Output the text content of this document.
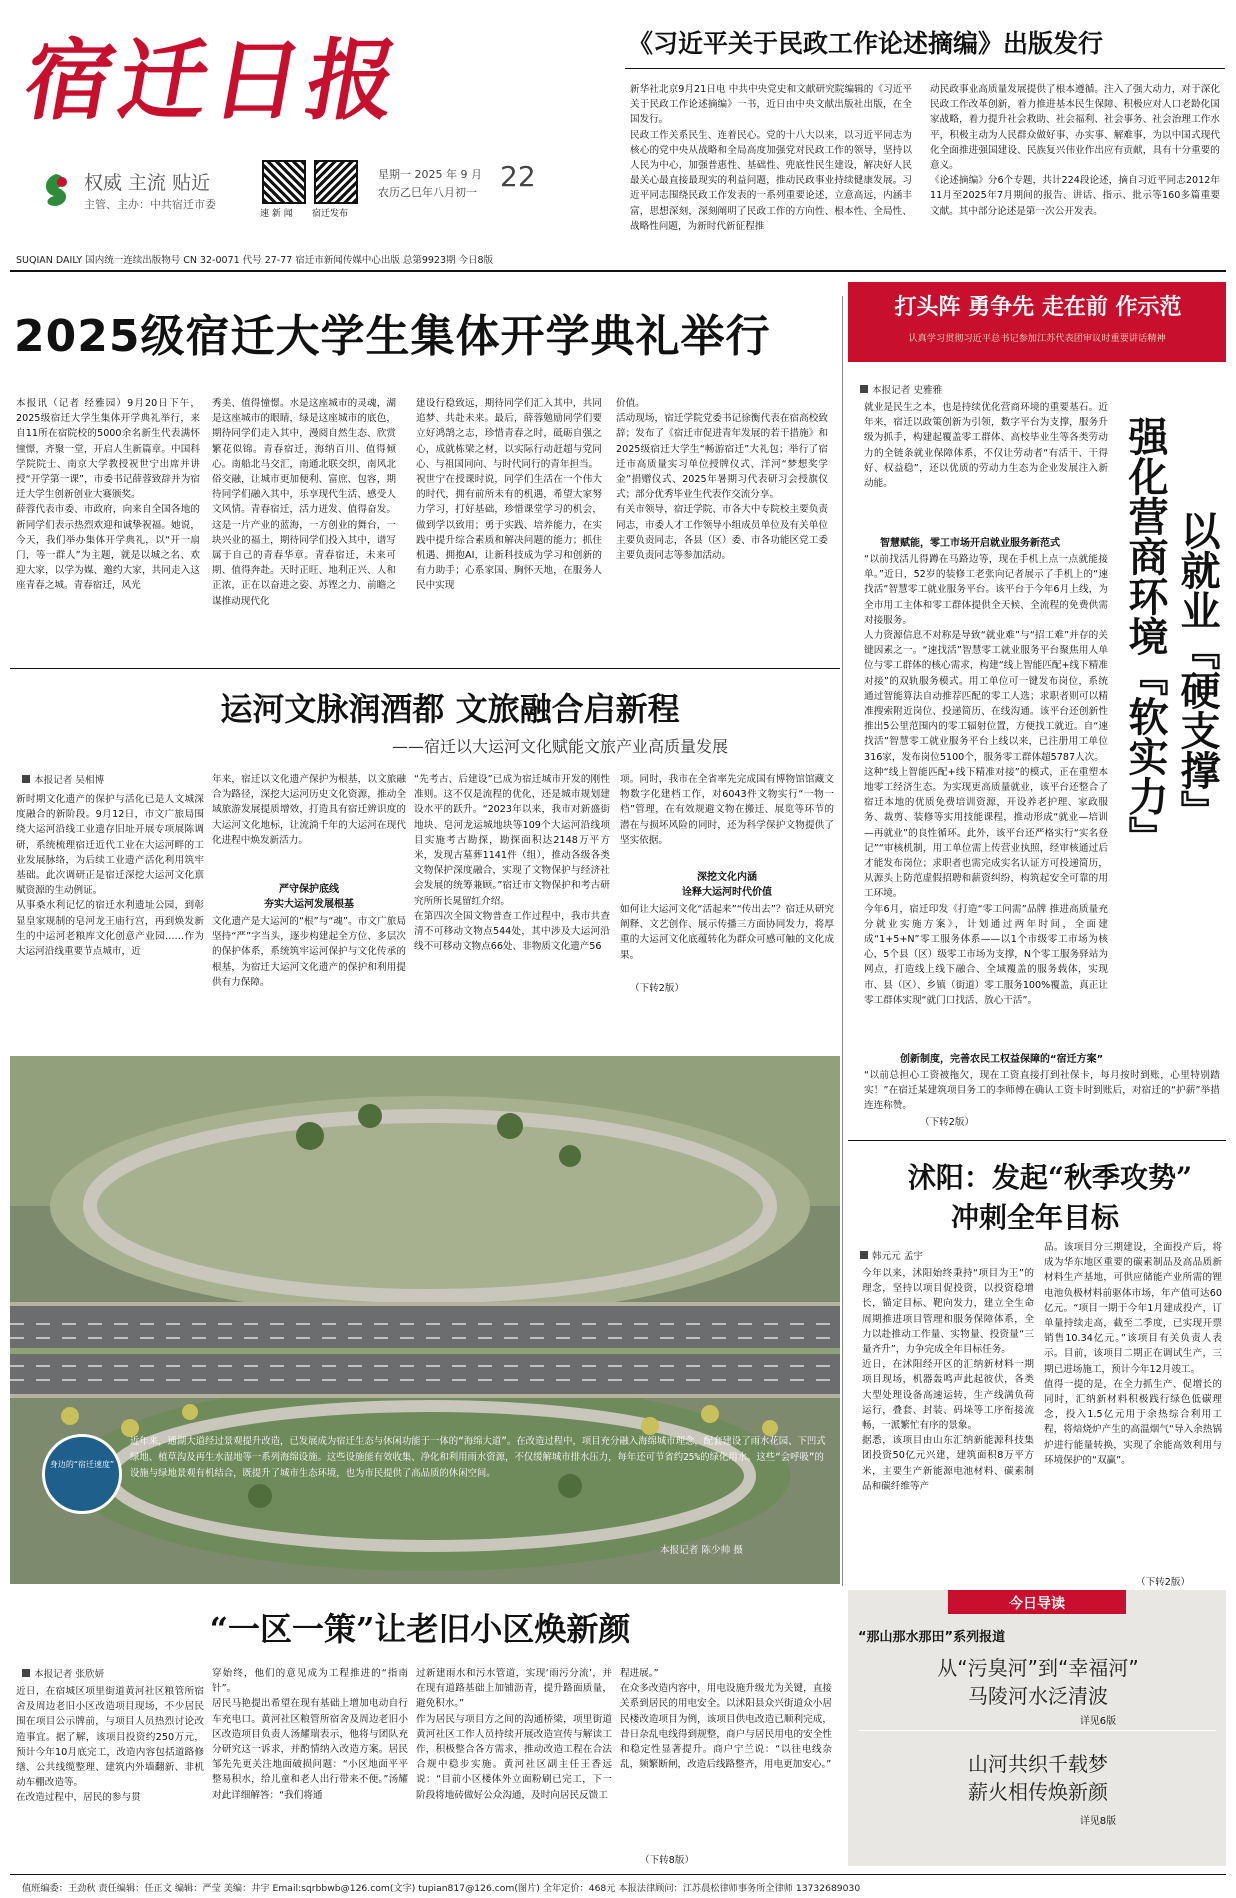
宿迁日报
权威 主流 贴近
主管、主办：中共宿迁市委
速 新 闻 宿迁发布
星期一 2025 年 9 月
农历乙巳年八月初一 22
SUQIAN DAILY 国内统一连续出版物号 CN 32-0071 代号 27-77 宿迁市新闻传媒中心出版 总第9923期 今日8版
《习近平关于民政工作论述摘编》出版发行

新华社北京9月21日电 中共中央党史和文献研究院编辑的《习近平关于民政工作论述摘编》一书，近日由中央文献出版社出版，在全国发行。
民政工作关系民生、连着民心。党的十八大以来，以习近平同志为核心的党中央从战略和全局高度加强党对民政工作的领导，坚持以人民为中心，加强普惠性、基础性、兜底性民生建设，解决好人民最关心最直接最现实的利益问题，推动民政事业持续健康发展。习近平同志围绕民政工作发表的一系列重要论述，立意高远，内涵丰富，思想深刻，深刻阐明了民政工作的方向性、根本性、全局性、战略性问题，为新时代新征程推

动民政事业高质量发展提供了根本遵循。注入了强大动力，对于深化民政工作改革创新，着力推进基本民生保障、积极应对人口老龄化国家战略，着力提升社会救助、社会福利、社会事务、社会治理工作水平，积极主动为人民群众做好事、办实事、解难事，为以中国式现代化全面推进强国建设、民族复兴伟业作出应有贡献，具有十分重要的意义。
《论述摘编》分6个专题，共计224段论述，摘自习近平同志2012年11月至2025年7月期间的报告、讲话、指示、批示等160多篇重要文献。其中部分论述是第一次公开发表。

2025级宿迁大学生集体开学典礼举行

本报讯（记者 经雅园）9月20日下午，2025级宿迁大学生集体开学典礼举行，来自11所在宿院校的5000余名新生代表满怀憧憬，齐聚一堂，开启人生新篇章。中国科学院院士、南京大学教授祝世宁出席并讲授“开学第一课”，市委书记薛蓉致辞并为宿迁大学生创新创业大赛颁奖。
薛蓉代表市委、市政府，向来自全国各地的新同学们表示热烈欢迎和诚挚祝福。她说，今天，我们举办集体开学典礼，以“开一扇门，等一群人”为主题，就是以城之名、欢迎大家，以学为媒、邀约大家，共同走入这座青春之城。青春宿迁，风光

秀美、值得憧憬。水是这座城市的灵魂，湖是这座城市的眼睛，绿是这座城市的底色，期待同学们走入其中，漫阅自然生态、欣赏繁花似锦。青春宿迁，海纳百川、值得倾心。南船北马交汇，南通北联交织，南风北俗交融，让城市更加便利、富庶、包容，期待同学们融入其中，乐享现代生活、感受人文风情。青春宿迁，活力迸发、值得奋发。这是一片产业的蓝海，一方创业的舞台，一块兴业的福土，期待同学们投入其中，谱写属于自己的青春华章。青春宿迁，未来可期、值得奔赴。天时正旺、地利正兴、人和正浓，正在以奋进之姿、苏铿之力、前瞻之谋推动现代化

建设行稳致远，期待同学们汇入其中，共同追梦、共赴未来。最后，薛蓉勉励同学们要立好鸿鹄之志，珍惜青春之时，砥砺自强之心，成就栋梁之材，以实际行动赶超与党同心、与祖国同向、与时代同行的青年担当。
祝世宁在授课时说，同学们生活在一个伟大的时代，拥有前所未有的机遇，希望大家努力学习，打好基础，珍惜课堂学习的机会，做到学以致用；勇于实践、培养能力，在实践中提升综合素质和解决问题的能力；抓住机遇、拥抱AI，让新科技成为学习和创新的有力助手；心系家国、胸怀天地，在服务人民中实现

价值。
活动现场，宿迁学院党委书记徐衡代表在宿高校致辞；发布了《宿迁市促进青年发展的若干措施》和2025级宿迁大学生“畅游宿迁”大礼包；举行了宿迁市高质量实习单位授牌仪式、洋河“梦想奖学金”捐赠仪式、2025年暑期习代表研习会授旗仪式；部分优秀毕业生代表作交流分享。
有关市领导，宿迁学院、市各大中专院校主要负责同志，市委人才工作领导小组成员单位及有关单位主要负责同志，各县（区）委、市各功能区党工委主要负责同志等参加活动。

打头阵 勇争先 走在前 作示范
认真学习贯彻习近平总书记参加江苏代表团审议时重要讲话精神
本报记者 史雅雅
以就业『硬支撑』
强化营商环境『软实力』

就业是民生之本，也是持续优化营商环境的重要基石。近年来，宿迁以政策创新为引领，数字平台为支撑，服务升级为抓手，构建起覆盖零工群体、高校毕业生等各类劳动力的全链条就业保障体系，不仅让劳动者“有活干、干得好、权益稳”，还以优质的劳动力生态为企业发展注入新动能。

智慧赋能，零工市场开启就业服务新范式

“以前找活儿得蹲在马路边等，现在手机上点一点就能接单。”近日，52岁的装修工老张向记者展示了手机上的“速找活”智慧零工就业服务平台。该平台于今年6月上线，为全市用工主体和零工群体提供全天候、全流程的免费供需对接服务。
人力资源信息不对称是导致“就业难”与“招工难”并存的关键因素之一。“速找活”智慧零工就业服务平台聚焦用人单位与零工群体的核心需求，构建“线上智能匹配+线下精准对接”的双轨服务模式。用工单位可一键发布岗位，系统通过智能算法自动推荐匹配的零工人选；求职者则可以精准搜索附近岗位、投递简历、在线沟通。该平台还创新性推出5公里范围内的零工辐射位置，方便找工就近。自“速找活”智慧零工就业服务平台上线以来，已注册用工单位316家，发布岗位5100个，服务零工群体超5787人次。
这种“线上智能匹配+线下精准对接”的模式，正在重塑本地零工经济生态。为实现更高质量就业，该平台还整合了宿迁本地的优质免费培训资源，开设养老护理、家政服务、裁剪、装修等实用技能课程，推动形成“就业—培训—再就业”的良性循环。此外，该平台还严格实行“实名登记”“审核机制，用工单位需上传营业执照，经审核通过后才能发布岗位；求职者也需完成实名认证方可投递简历，从源头上防范虚假招聘和薪资纠纷，构筑起安全可靠的用工环境。
今年6月，宿迁印发《打造“零工问需”品牌 推进高质量充分就业实施方案》，计划通过两年时间，全面建成“1+5+N”零工服务体系——以1个市级零工市场为核心，5个县（区）级零工市场为支撑，N个零工服务驿站为网点，打造线上线下融合、全域覆盖的服务载体，实现市、县（区）、乡镇（街道）零工服务100%覆盖，真正让零工群体实现“就门口找活、放心干活”。

创新制度，完善农民工权益保障的“宿迁方案”

“以前总担心工资被拖欠，现在工资直接打到社保卡，每月按时到账，心里特别踏实！”在宿迁某建筑项目务工的李师傅在确认工资卡时到账后，对宿迁的“护薪”举措连连称赞。

（下转2版）
沭阳：发起“秋季攻势”
冲刺全年目标
韩元元 孟宇

今年以来，沭阳始终秉持“项目为王”的理念，坚持以项目促投资，以投资稳增长，锚定目标、靶向发力，建立全生命周期推进项目管理和服务保障体系，全力以赴推动工作量、实物量、投资量“三量齐升”，力争完成全年目标任务。
近日，在沭阳经开区的汇纳新材料一期项目现场，机器轰鸣声此起彼伏，各类大型处理设备高速运转，生产线满负荷运行，叠套、封装、码垛等工序衔接流畅，一派繁忙有序的景象。
据悉，该项目由山东汇纳新能源科技集团投资50亿元兴建，建筑面积8万平方米，主要生产新能源电池材料、碳素制品和碳纤维等产

品。该项目分三期建设，全面投产后，将成为华东地区重要的碳素制品及高品质新材料生产基地，可供应储能产业所需的锂电池负极材料前驱体市场，年产值可达60亿元。“项目一期于今年1月建成投产，订单量持续走高，截至二季度，已实现开票销售10.34亿元。”该项目有关负责人表示。目前，该项目二期正在调试生产，三期已进场施工，预计今年12月竣工。
值得一提的是，在全力抓生产、促增长的同时，汇纳新材料积极践行绿色低碳理念，投入1.5亿元用于余热综合利用工程，将焙烧炉产生的高温烟气“导入余热锅炉进行能量转换，实现了余能高效利用与环境保护的“双赢”。

（下转2版）
运河文脉润酒都 文旅融合启新程
——宿迁以大运河文化赋能文旅产业高质量发展
本报记者 吴相博

新时期文化遗产的保护与活化已是人文城深度融合的新阶段。9月12日，市文广旅局围绕大运河沿线工业遗存旧址开展专项展陈调研，系统梳理宿迁近代工业在大运河畔的工业发展脉络，为后续工业遗产活化利用筑牢基础。此次调研正是宿迁深挖大运河文化禀赋资源的生动例证。
从事桑水利记忆的宿迁水利遗址公园，到彰显皇家规制的皂河龙王庙行宫，再到焕发新生的中运河老粮库文化创意产业园……作为大运河沿线重要节点城市，近

年来，宿迁以文化遗产保护为根基，以文旅融合为路径，深挖大运河历史文化资源，推动全域旅游发展提质增效，打造具有宿迁辨识度的大运河文化地标，让流淌千年的大运河在现代化进程中焕发新活力。

严守保护底线
夯实大运河发展根基

文化遗产是大运河的“根”与“魂”。市文广旅局坚持“严”字当头，逐步构建起全方位、多层次的保护体系，系统筑牢运河保护与文化传承的根基，为宿迁大运河文化遗产的保护和利用提供有力保障。

“先考古、后建设”已成为宿迁城市开发的刚性准则。这不仅是流程的优化，还是城市规划建设水平的跃升。“2023年以来，我市对新盛街地块、皂河龙运城地块等109个大运河沿线项目实施考古勘探，勘探面积达2148万平方米，发现古墓葬1141件（组），推动各级各类文物保护深度融合，实现了文物保护与经济社会发展的统筹兼顾。”宿迁市文物保护和考古研究所所长晁留红介绍。
在第四次全国文物普查工作过程中，我市共查清不可移动文物点544处，其中涉及大运河沿线不可移动文物点66处、非物质文化遗产56

项。同时，我市在全省率先完成国有博物馆馆藏文物数字化建档工作，对6043件文物实行“一物一档”管理，在有效规避文物在搬迁、展览等环节的潜在与损坏风险的同时，还为科学保护文物提供了坚实依据。

深挖文化内涵
诠释大运河时代价值

如何让大运河文化“活起来”“传出去”？宿迁从研究阐释、文艺创作、展示传播三方面协同发力，将厚重的大运河文化底蕴转化为群众可感可触的文化成果。

（下转2版）
身边的“宿迁速度”
近年来，通湖大道经过景观提升改造，已发展成为宿迁生态与休闲功能于一体的“海绵大道”。在改造过程中，项目充分融入海绵城市理念，配套建设了雨水花园、下凹式绿地、植草沟及再生水湿地等一系列海绵设施。这些设施能有效收集、净化和利用雨水资源，不仅缓解城市排水压力，每年还可节省约25%的绿化用水。这些“会呼吸”的设施与绿地景观有机结合，既提升了城市生态环境，也为市民提供了高品质的休闲空间。
本报记者 陈少帅 摄
“一区一策”让老旧小区焕新颜
本报记者 张欣妍

近日，在宿城区项里街道黄河社区粮管所宿舍及周边老旧小区改造项目现场，不少居民围在项目公示牌前，与项目人员热烈讨论改造事宜。据了解，该项目投资约250万元，预计今年10月底完工，改造内容包括道路修缮、公共线缆整理、建筑内外墙翻新、非机动车棚改造等。
在改造过程中，居民的参与贯

穿始终，他们的意见成为工程推进的“指南针”。
居民马艳提出希望在现有基础上增加电动自行车充电口。黄河社区粮管所宿舍及周边老旧小区改造项目负责人汤耀瑞表示，他将与团队充分研究这一诉求，并酌情纳入改造方案。居民邹先先更关注地面破损问题：“小区地面平平整易积水，给儿童和老人出行带来不便。”汤耀对此详细解答：“我们将通

过新建雨水和污水管道，实现‘雨污分流’，并在现有道路基础上加铺沥青，提升路面质量，避免积水。”
作为居民与项目方之间的沟通桥梁，项里街道黄河社区工作人员持续开展改造宣传与解读工作，积极整合各方需求，推动改造工程在合法合规中稳步实施。黄河社区副主任王香远说：“目前小区楼体外立面粉刷已完工，下一阶段将地砖做好公众沟通，及时向居民反馈工

程进展。”
在众多改造内容中，用电设施升级尤为关键，直接关系到居民的用电安全。以沭阳县众兴街道众小居民楼改造项目为例，该项目供电改造已顺利完成，昔日杂乱电线得到规整，商户与居民用电的安全性和稳定性显著提升。商户宁兰说：“以往电线杂乱，频繁断闸，改造后线路整齐，用电更加安心。”

（下转8版）
今日导读
“那山那水那田”系列报道
从“污臭河”到“幸福河”
马陵河水泛清波
详见6版
山河共织千载梦
薪火相传焕新颜
详见8版
值班编委：王劲秋 责任编辑：任正文 编辑：严莹 美编：井宇 Email:sqrbbwb@126.com(文字) tupian817@126.com(图片) 全年定价：468元 本报法律顾问：江苏晨松律师事务所全律师 13732689030
